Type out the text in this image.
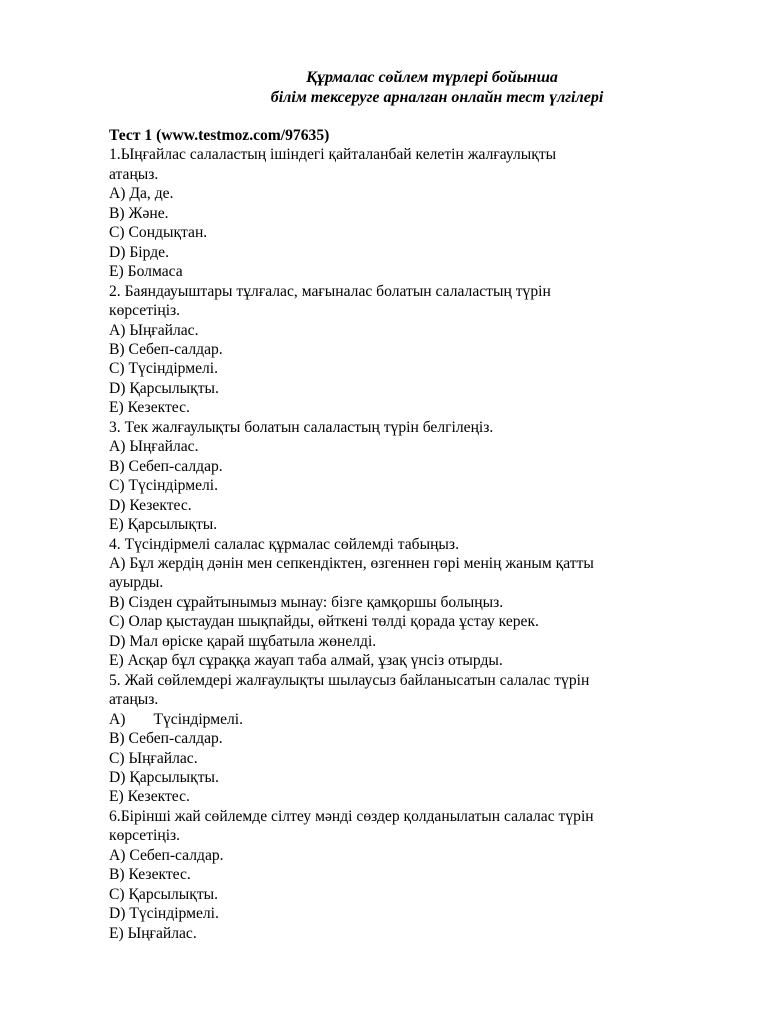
Құрмалас сөйлем түрлері бойынша
білім тексеруге арналған онлайн тест үлгілері
Тест 1 (www.testmoz.com/97635)
1.Ыңғайлас салаластың ішіндегі қайталанбай келетін жалғаулықты
атаңыз.
A) Да, де.
B) Және.
C) Сондықтан.
D) Бірде.
E) Болмаса
2. Баяндауыштары тұлғалас, мағыналас болатын салаластың түрін
көрсетіңіз.
A) Ыңғайлас.
B) Себеп-салдар.
C) Түсіндірмелі.
D) Қарсылықты.
E) Кезектес.
3. Тек жалғаулықты болатын салаластың түрін белгілеңіз.
A) Ыңғайлас.
B) Себеп-салдар.
C) Түсіндірмелі.
D) Кезектес.
E) Қарсылықты.
4. Түсіндірмелі салалас құрмалас сөйлемді табыңыз.
A) Бұл жердің дәнін мен сепкендіктен, өзгеннен гөрі менің жаным қатты
ауырды.
B) Сізден сұрайтынымыз мынау: бізге қамқоршы болыңыз.
C) Олар қыстаудан шықпайды, өйткені төлді қорада ұстау керек.
D) Мал өріске қарай шұбатыла жөнелді.
E) Асқар бұл сұраққа жауап таба алмай, ұзақ үнсіз отырды.
5. Жай сөйлемдері жалғаулықты шылаусыз байланысатын салалас түрін
атаңыз.
A) Түсіндірмелі.
B) Себеп-салдар.
C) Ыңғайлас.
D) Қарсылықты.
E) Кезектес.
6.Бірінші жай сөйлемде сілтеу мәнді сөздер қолданылатын салалас түрін
көрсетіңіз.
A) Себеп-салдар.
B) Кезектес.
C) Қарсылықты.
D) Түсіндірмелі.
E) Ыңғайлас.
